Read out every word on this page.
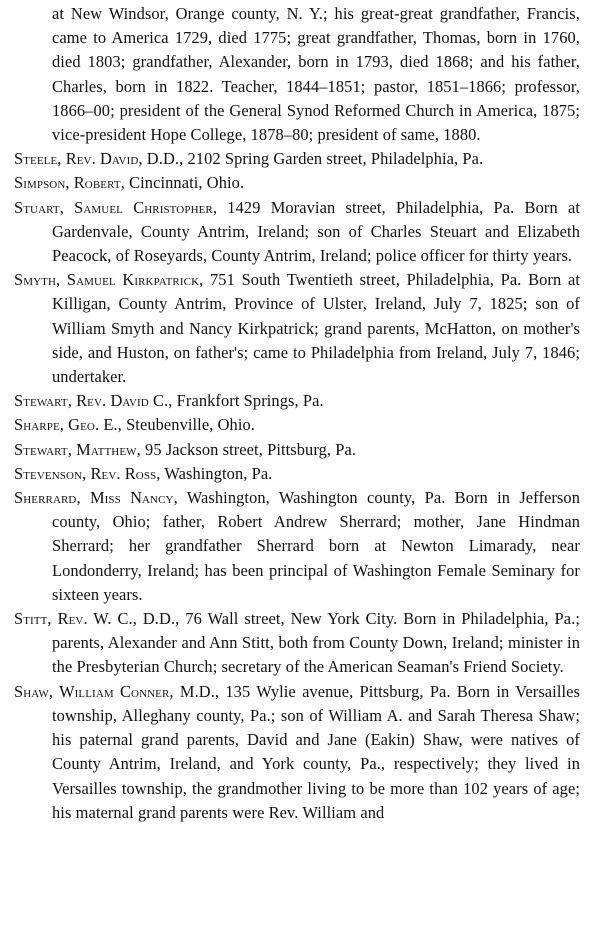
at New Windsor, Orange county, N. Y.; his great-great grandfather, Francis, came to America 1729, died 1775; great grandfather, Thomas, born in 1760, died 1803; grandfather, Alexander, born in 1793, died 1868; and his father, Charles, born in 1822. Teacher, 1844–1851; pastor, 1851–1866; professor, 1866–00; president of the General Synod Reformed Church in America, 1875; vice-president Hope College, 1878–80; president of same, 1880.

Steele, Rev. David, D.D., 2102 Spring Garden street, Philadelphia, Pa.

Simpson, Robert, Cincinnati, Ohio.

Stuart, Samuel Christopher, 1429 Moravian street, Philadelphia, Pa. Born at Gardenvale, County Antrim, Ireland; son of Charles Steuart and Elizabeth Peacock, of Roseyards, County Antrim, Ireland; police officer for thirty years.

Smyth, Samuel Kirkpatrick, 751 South Twentieth street, Philadelphia, Pa. Born at Killigan, County Antrim, Province of Ulster, Ireland, July 7, 1825; son of William Smyth and Nancy Kirkpatrick; grand parents, McHatton, on mother's side, and Huston, on father's; came to Philadelphia from Ireland, July 7, 1846; undertaker.

Stewart, Rev. David C., Frankfort Springs, Pa.

Sharpe, Geo. E., Steubenville, Ohio.

Stewart, Matthew, 95 Jackson street, Pittsburg, Pa.

Stevenson, Rev. Ross, Washington, Pa.

Sherrard, Miss Nancy, Washington, Washington county, Pa. Born in Jefferson county, Ohio; father, Robert Andrew Sherrard; mother, Jane Hindman Sherrard; her grandfather Sherrard born at Newton Limarady, near Londonderry, Ireland; has been principal of Washington Female Seminary for sixteen years.

Stitt, Rev. W. C., D.D., 76 Wall street, New York City. Born in Philadelphia, Pa.; parents, Alexander and Ann Stitt, both from County Down, Ireland; minister in the Presbyterian Church; secretary of the American Seaman's Friend Society.

Shaw, William Conner, M.D., 135 Wylie avenue, Pittsburg, Pa. Born in Versailles township, Alleghany county, Pa.; son of William A. and Sarah Theresa Shaw; his paternal grand parents, David and Jane (Eakin) Shaw, were natives of County Antrim, Ireland, and York county, Pa., respectively; they lived in Versailles township, the grandmother living to be more than 102 years of age; his maternal grand parents were Rev. William and
